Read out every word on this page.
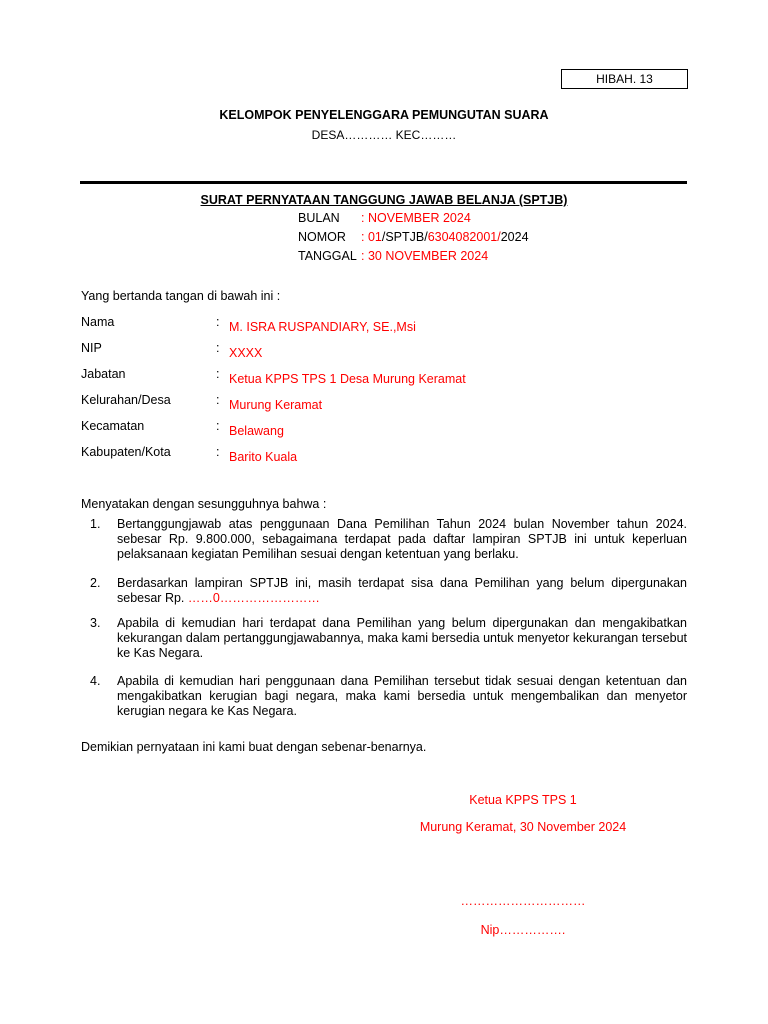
HIBAH. 13
KELOMPOK PENYELENGGARA PEMUNGUTAN SUARA
DESA………… KEC………
SURAT PERNYATAAN TANGGUNG JAWAB BELANJA (SPTJB)
BULAN : NOVEMBER 2024
NOMOR : 01/SPTJB/6304082001/2024
TANGGAL : 30 NOVEMBER 2024
Yang bertanda tangan di bawah ini :
Nama	: M. ISRA RUSPANDIARY, SE.,Msi
NIP	: XXXX
Jabatan	: Ketua KPPS TPS 1 Desa Murung Keramat
Kelurahan/Desa	: Murung Keramat
Kecamatan	: Belawang
Kabupaten/Kota	: Barito Kuala
Menyatakan dengan sesungguhnya bahwa :
1. Bertanggungjawab atas penggunaan Dana Pemilihan Tahun 2024 bulan November tahun 2024. sebesar Rp. 9.800.000, sebagaimana terdapat pada daftar lampiran SPTJB ini untuk keperluan pelaksanaan kegiatan Pemilihan sesuai dengan ketentuan yang berlaku.
2. Berdasarkan lampiran SPTJB ini, masih terdapat sisa dana Pemilihan yang belum dipergunakan sebesar Rp. ……0……………………
3. Apabila di kemudian hari terdapat dana Pemilihan yang belum dipergunakan dan mengakibatkan kekurangan dalam pertanggungjawabannya, maka kami bersedia untuk menyetor kekurangan tersebut ke Kas Negara.
4. Apabila di kemudian hari penggunaan dana Pemilihan tersebut tidak sesuai dengan ketentuan dan mengakibatkan kerugian bagi negara, maka kami bersedia untuk mengembalikan dan menyetor kerugian negara ke Kas Negara.
Demikian pernyataan ini kami buat dengan sebenar-benarnya.
Ketua KPPS TPS 1
Murung Keramat, 30 November 2024
…………………………
Nip…………….
